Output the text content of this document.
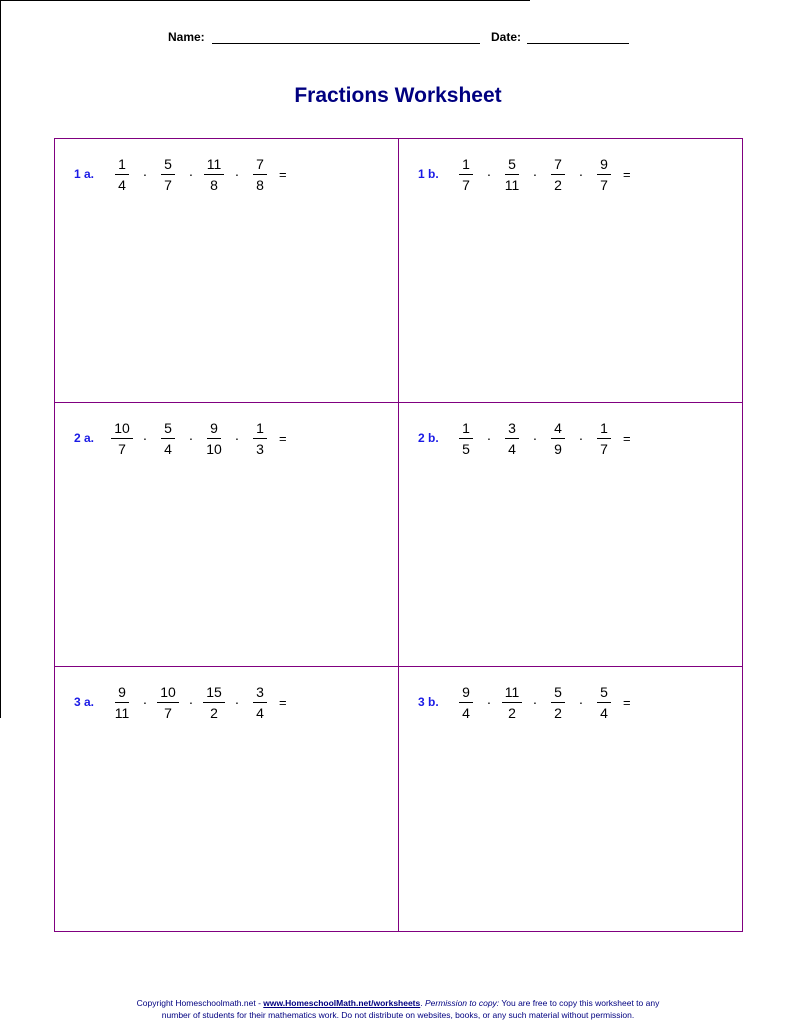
Name:	Date:
Fractions Worksheet
1 a.	$\frac{1}{4} \cdot \frac{5}{7} \cdot \frac{11}{8} \cdot \frac{7}{8}$ =	1 b.	$\frac{1}{7} \cdot \frac{5}{11} \cdot \frac{7}{2} \cdot \frac{9}{7}$ =
2 a.	$\frac{10}{7} \cdot \frac{5}{4} \cdot \frac{9}{10} \cdot \frac{1}{3}$ =	2 b.	$\frac{1}{5} \cdot \frac{3}{4} \cdot \frac{4}{9} \cdot \frac{1}{7}$ =
3 a.	$\frac{9}{11} \cdot \frac{10}{7} \cdot \frac{15}{2} \cdot \frac{3}{4}$ =	3 b.	$\frac{9}{4} \cdot \frac{11}{2} \cdot \frac{5}{2} \cdot \frac{5}{4}$ =
Copyright Homeschoolmath.net - www.HomeschoolMath.net/worksheets. Permission to copy: You are free to copy this worksheet to any
number of students for their mathematics work. Do not distribute on websites, books, or any such material without permission.
